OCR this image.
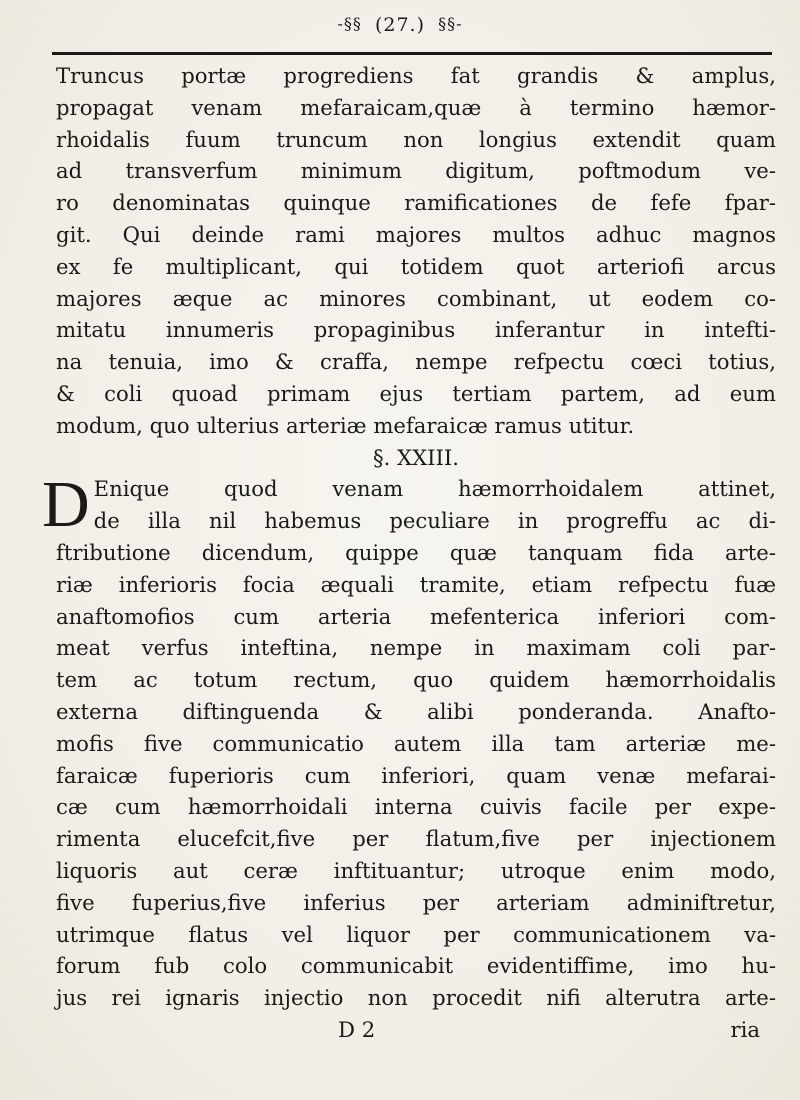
-§§ (27.) §§-
Truncus portæ progrediens fat grandis & amplus,
propagat venam mefaraicam,quæ à termino hæmor-
rhoidalis fuum truncum non longius extendit quam
ad transverfum minimum digitum, poftmodum ve-
ro denominatas quinque ramificationes de fefe fpar-
git. Qui deinde rami majores multos adhuc magnos
ex fe multiplicant, qui totidem quot arteriofi arcus
majores æque ac minores combinant, ut eodem co-
mitatu innumeris propaginibus inferantur in intefti-
na tenuia, imo & craffa, nempe refpectu cœci totius,
& coli quoad primam ejus tertiam partem, ad eum
modum, quo ulterius arteriæ mefaraicæ ramus utitur.
§. XXIII.
D Enique quod venam hæmorrhoidalem attinet,
de illa nil habemus peculiare in progreffu ac di-
ftributione dicendum, quippe quæ tanquam fida arte-
riæ inferioris focia æquali tramite, etiam refpectu fuæ
anaftomofios cum arteria mefenterica inferiori com-
meat verfus inteftina, nempe in maximam coli par-
tem ac totum rectum, quo quidem hæmorrhoidalis
externa diftinguenda & alibi ponderanda. Anafto-
mofis five communicatio autem illa tam arteriæ me-
faraicæ fuperioris cum inferiori, quam venæ mefarai-
cæ cum hæmorrhoidali interna cuivis facile per expe-
rimenta elucefcit,five per flatum,five per injectionem
liquoris aut ceræ inftituantur; utroque enim modo,
five fuperius,five inferius per arteriam adminiftretur,
utrimque flatus vel liquor per communicationem va-
forum fub colo communicabit evidentiffime, imo hu-
jus rei ignaris injectio non procedit nifi alterutra arte-
D 2	ria
